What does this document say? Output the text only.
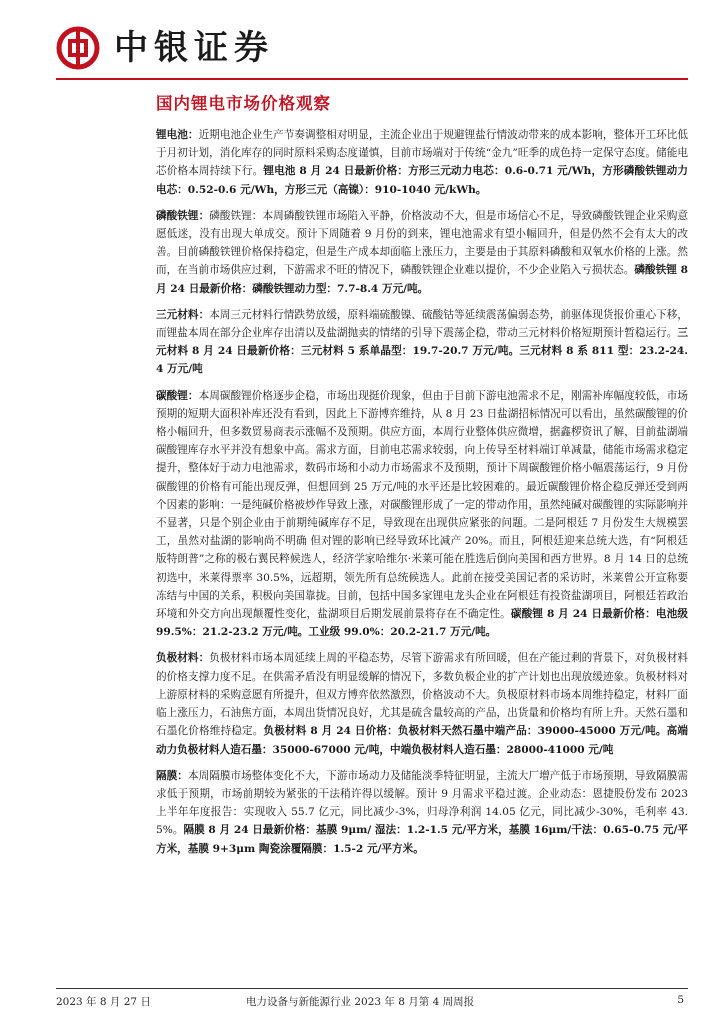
中银证券
国内锂电市场价格观察

锂电池：近期电池企业生产节奏调整相对明显，主流企业出于规避锂盐行情波动带来的成本影响，整体开工环比低于月初计划，消化库存的同时原料采购态度谨慎，目前市场端对于传统“金九”旺季的成色持一定保守态度。储能电芯价格本周持续下行。锂电池 8 月 24 日最新价格：方形三元动力电芯：0.6-0.71 元/Wh，方形磷酸铁锂动力电芯：0.52-0.6 元/Wh，方形三元（高镍）：910-1040 元/kWh。

磷酸铁锂：磷酸铁锂：本周磷酸铁锂市场陷入平静，价格波动不大，但是市场信心不足，导致磷酸铁锂企业采购意愿低迷，没有出现大单成交。预计下周随着 9 月份的到来，锂电池需求有望小幅回升，但是仍然不会有太大的改善。目前磷酸铁锂价格保持稳定，但是生产成本却面临上涨压力，主要是由于其原料磷酸和双氧水价格的上涨。然而，在当前市场供应过剩，下游需求不旺的情况下，磷酸铁锂企业难以提价，不少企业陷入亏损状态。磷酸铁锂 8 月 24 日最新价格：磷酸铁锂动力型：7.7-8.4 万元/吨。

三元材料：本周三元材料行情跌势放缓，原料端硫酸镍、硫酸钴等延续震荡偏弱态势，前驱体现货报价重心下移，而锂盐本周在部分企业库存出清以及盐湖抛卖的情绪的引导下震荡企稳，带动三元材料价格短期预计暂稳运行。三元材料 8 月 24 日最新价格：三元材料 5 系单晶型：19.7-20.7 万元/吨。三元材料 8 系 811 型：23.2-24.4 万元/吨

碳酸锂：本周碳酸锂价格逐步企稳，市场出现挺价现象，但由于目前下游电池需求不足，刚需补库幅度较低，市场预期的短期大面积补库还没有看到，因此上下游博弈维持，从 8 月 23 日盐湖招标情况可以看出，虽然碳酸锂的价格小幅回升，但多数贸易商表示涨幅不及预期。供应方面，本周行业整体供应微增，据鑫椤资讯了解，目前盐湖端碳酸锂库存水平并没有想象中高。需求方面，目前电芯需求较弱，向上传导至材料端订单减量，储能市场需求稳定提升，整体好于动力电池需求，数码市场和小动力市场需求不及预期，预计下周碳酸锂价格小幅震荡运行，9 月份碳酸锂的价格有可能出现反弹，但想回到 25 万元/吨的水平还是比较困难的。最近碳酸锂价格企稳反弹还受到两个因素的影响：一是纯碱价格被炒作导致上涨，对碳酸锂形成了一定的带动作用，虽然纯碱对碳酸锂的实际影响并不显著，只是个别企业由于前期纯碱库存不足，导致现在出现供应紧张的问题。二是阿根廷 7 月份发生大规模罢工，虽然对盐湖的影响尚不明确 但对锂的影响已经导致环比减产 20%。而且，阿根廷迎来总统大选，有“阿根廷版特朗普”之称的极右翼民粹候选人，经济学家哈维尔·米莱可能在胜选后倒向美国和西方世界。8 月 14 日的总统初选中，米莱得票率 30.5%，远超期，领先所有总统候选人。此前在接受美国记者的采访时，米莱曾公开宣称要冻结与中国的关系，积极向美国靠拢。目前，包括中国多家锂电龙头企业在阿根廷有投资盐湖项目，阿根廷若政治环境和外交方向出现颠覆性变化，盐湖项目后期发展前景将存在不确定性。碳酸锂 8 月 24 日最新价格：电池级 99.5%：21.2-23.2 万元/吨。工业级 99.0%：20.2-21.7 万元/吨。

负极材料：负极材料市场本周延续上周的平稳态势，尽管下游需求有所回暖，但在产能过剩的背景下，对负极材料的价格支撑力度不足。在供需矛盾没有明显缓解的情况下，多数负极企业的扩产计划也出现放缓迹象。负极材料对上游原材料的采购意愿有所提升，但双方博弈依然激烈，价格波动不大。负极原材料市场本周维持稳定，材料厂面临上涨压力，石油焦方面，本周出货情况良好，尤其是硫含量较高的产品，出货量和价格均有所上升。天然石墨和石墨化价格维持稳定。负极材料 8 月 24 日价格：负极材料天然石墨中端产品：39000-45000 万元/吨。高端动力负极材料人造石墨：35000-67000 元/吨，中端负极材料人造石墨：28000-41000 元/吨

隔膜：本周隔膜市场整体变化不大，下游市场动力及储能淡季特征明显，主流大厂增产低于市场预期，导致隔膜需求低于预期，市场前期较为紧张的干法稍许得以缓解。预计 9 月需求平稳过渡。企业动态：恩捷股份发布 2023 上半年年度报告：实现收入 55.7 亿元，同比减少-3%，归母净利润 14.05 亿元，同比减少-30%，毛利率 43.5%。隔膜 8 月 24 日最新价格：基膜 9μm/ 湿法：1.2-1.5 元/平方米，基膜 16μm/干法：0.65-0.75 元/平方米，基膜 9+3μm 陶瓷涂覆隔膜：1.5-2 元/平方米。

2023 年 8 月 27 日	电力设备与新能源行业 2023 年 8 月第 4 周周报	5
